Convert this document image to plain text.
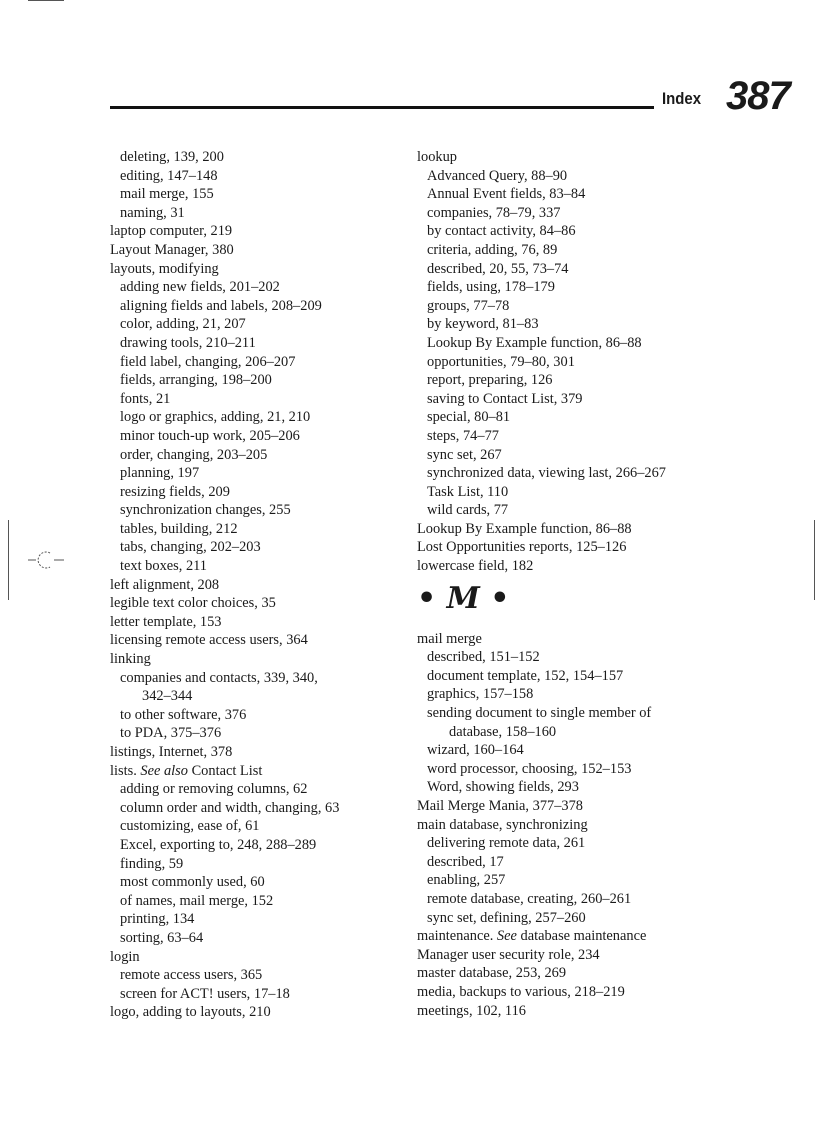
Index 387
deleting, 139, 200
editing, 147–148
mail merge, 155
naming, 31
laptop computer, 219
Layout Manager, 380
layouts, modifying
adding new fields, 201–202
aligning fields and labels, 208–209
color, adding, 21, 207
drawing tools, 210–211
field label, changing, 206–207
fields, arranging, 198–200
fonts, 21
logo or graphics, adding, 21, 210
minor touch-up work, 205–206
order, changing, 203–205
planning, 197
resizing fields, 209
synchronization changes, 255
tables, building, 212
tabs, changing, 202–203
text boxes, 211
left alignment, 208
legible text color choices, 35
letter template, 153
licensing remote access users, 364
linking
companies and contacts, 339, 340,
342–344
to other software, 376
to PDA, 375–376
listings, Internet, 378
lists. See also Contact List
adding or removing columns, 62
column order and width, changing, 63
customizing, ease of, 61
Excel, exporting to, 248, 288–289
finding, 59
most commonly used, 60
of names, mail merge, 152
printing, 134
sorting, 63–64
login
remote access users, 365
screen for ACT! users, 17–18
logo, adding to layouts, 210
lookup
Advanced Query, 88–90
Annual Event fields, 83–84
companies, 78–79, 337
by contact activity, 84–86
criteria, adding, 76, 89
described, 20, 55, 73–74
fields, using, 178–179
groups, 77–78
by keyword, 81–83
Lookup By Example function, 86–88
opportunities, 79–80, 301
report, preparing, 126
saving to Contact List, 379
special, 80–81
steps, 74–77
sync set, 267
synchronized data, viewing last, 266–267
Task List, 110
wild cards, 77
Lookup By Example function, 86–88
Lost Opportunities reports, 125–126
lowercase field, 182
• M •
mail merge
described, 151–152
document template, 152, 154–157
graphics, 157–158
sending document to single member of
database, 158–160
wizard, 160–164
word processor, choosing, 152–153
Word, showing fields, 293
Mail Merge Mania, 377–378
main database, synchronizing
delivering remote data, 261
described, 17
enabling, 257
remote database, creating, 260–261
sync set, defining, 257–260
maintenance. See database maintenance
Manager user security role, 234
master database, 253, 269
media, backups to various, 218–219
meetings, 102, 116
